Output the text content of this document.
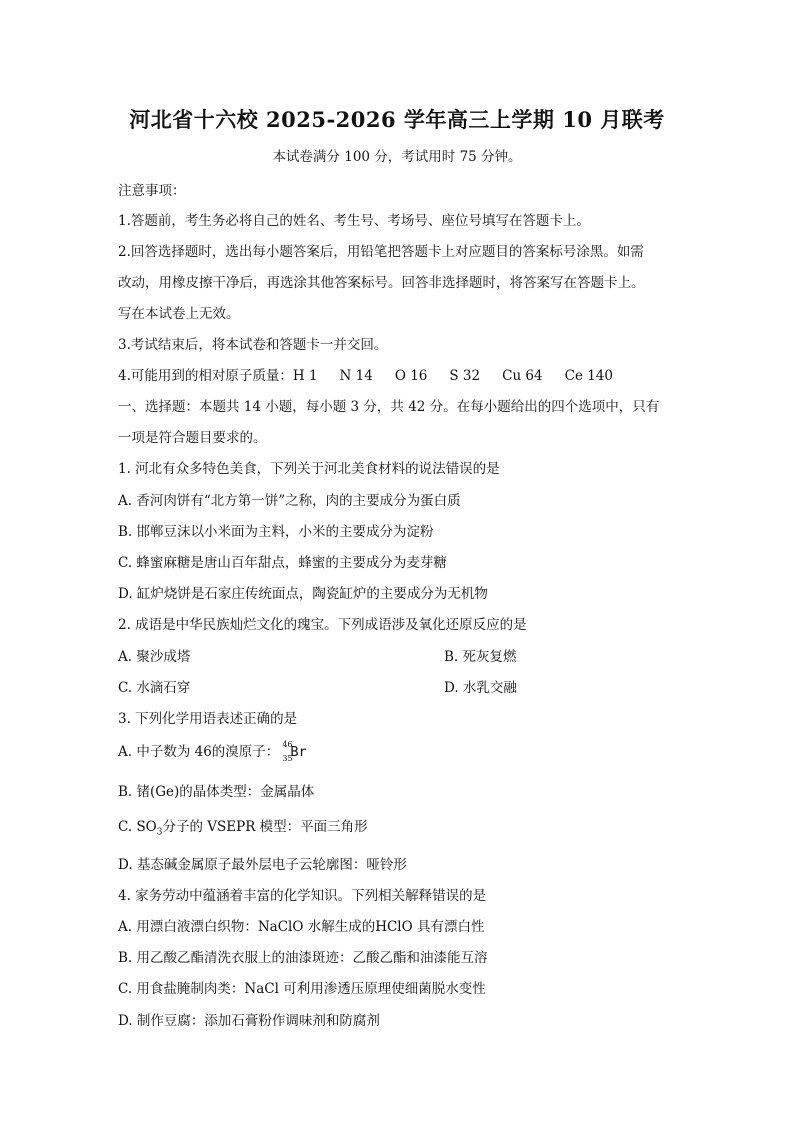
河北省十六校 2025-2026 学年高三上学期 10 月联考
本试卷满分 100 分，考试用时 75 分钟。
注意事项：
1.答题前，考生务必将自己的姓名、考生号、考场号、座位号填写在答题卡上。
2.回答选择题时，选出每小题答案后，用铅笔把答题卡上对应题目的答案标号涂黑。如需
改动，用橡皮擦干净后，再选涂其他答案标号。回答非选择题时，将答案写在答题卡上。
写在本试卷上无效。
3.考试结束后，将本试卷和答题卡一并交回。
4.可能用到的相对原子质量：H 1 N 14 O 16 S 32 Cu 64 Ce 140
一、选择题：本题共 14 小题，每小题 3 分，共 42 分。在每小题给出的四个选项中，只有
一项是符合题目要求的。
1. 河北有众多特色美食，下列关于河北美食材料的说法错误的是
A. 香河肉饼有“北方第一饼”之称，肉的主要成分为蛋白质
B. 邯郸豆沫以小米面为主料，小米的主要成分为淀粉
C. 蜂蜜麻糖是唐山百年甜点，蜂蜜的主要成分为麦芽糖
D. 缸炉烧饼是石家庄传统面点，陶瓷缸炉的主要成分为无机物
2. 成语是中华民族灿烂文化的瑰宝。下列成语涉及氧化还原反应的是
A. 聚沙成塔	B. 死灰复燃
C. 水滴石穿	D. 水乳交融
3. 下列化学用语表述正确的是
A. 中子数为 46的溴原子： 46
35
Br
B. 锗(Ge)的晶体类型：金属晶体
C. $SO_3$分子的 VSEPR 模型：平面三角形
D. 基态碱金属原子最外层电子云轮廓图：哑铃形
4. 家务劳动中蕴涵着丰富的化学知识。下列相关解释错误的是
A. 用漂白液漂白织物：NaClO 水解生成的HClO 具有漂白性
B. 用乙酸乙酯清洗衣服上的油漆斑迹：乙酸乙酯和油漆能互溶
C. 用食盐腌制肉类：NaCl 可利用渗透压原理使细菌脱水变性
D. 制作豆腐：添加石膏粉作调味剂和防腐剂
